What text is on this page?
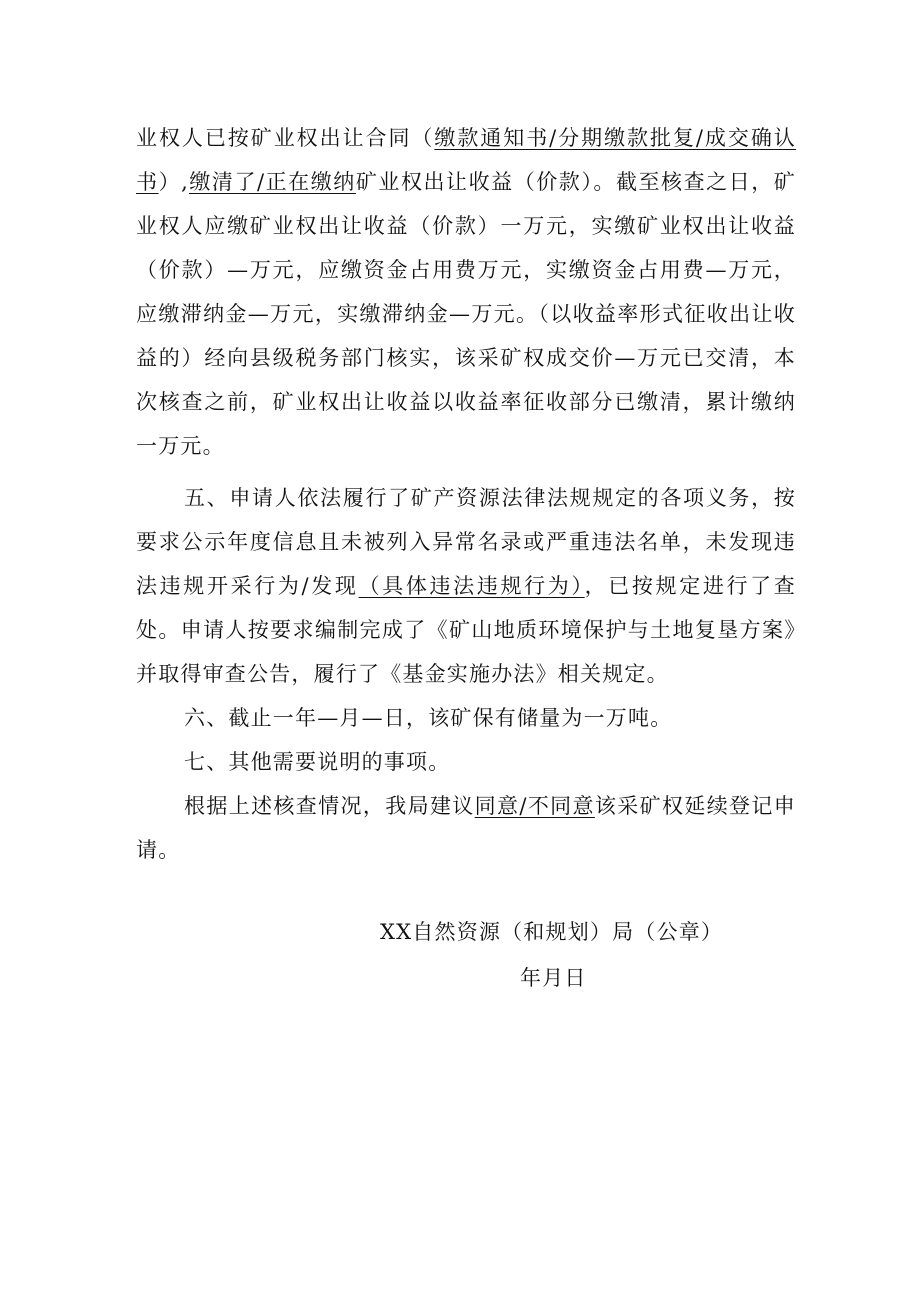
业权人已按矿业权出让合同（缴款通知书/分期缴款批复/成交确认书）,缴清了/正在缴纳矿业权出让收益（价款）。截至核查之日，矿业权人应缴矿业权出让收益（价款）一万元，实缴矿业权出让收益（价款）—万元，应缴资金占用费万元，实缴资金占用费—万元，应缴滞纳金—万元，实缴滞纳金—万元。（以收益率形式征收出让收益的）经向县级税务部门核实，该采矿权成交价—万元已交清，本次核查之前，矿业权出让收益以收益率征收部分已缴清，累计缴纳一万元。

五、申请人依法履行了矿产资源法律法规规定的各项义务，按要求公示年度信息且未被列入异常名录或严重违法名单，未发现违法违规开采行为/发现（具体违法违规行为），已按规定进行了查处。申请人按要求编制完成了《矿山地质环境保护与土地复垦方案》并取得审查公告，履行了《基金实施办法》相关规定。

六、截止一年—月—日，该矿保有储量为一万吨。

七、其他需要说明的事项。

根据上述核查情况，我局建议同意/不同意该采矿权延续登记申请。

XX自然资源（和规划）局（公章）
年月日
